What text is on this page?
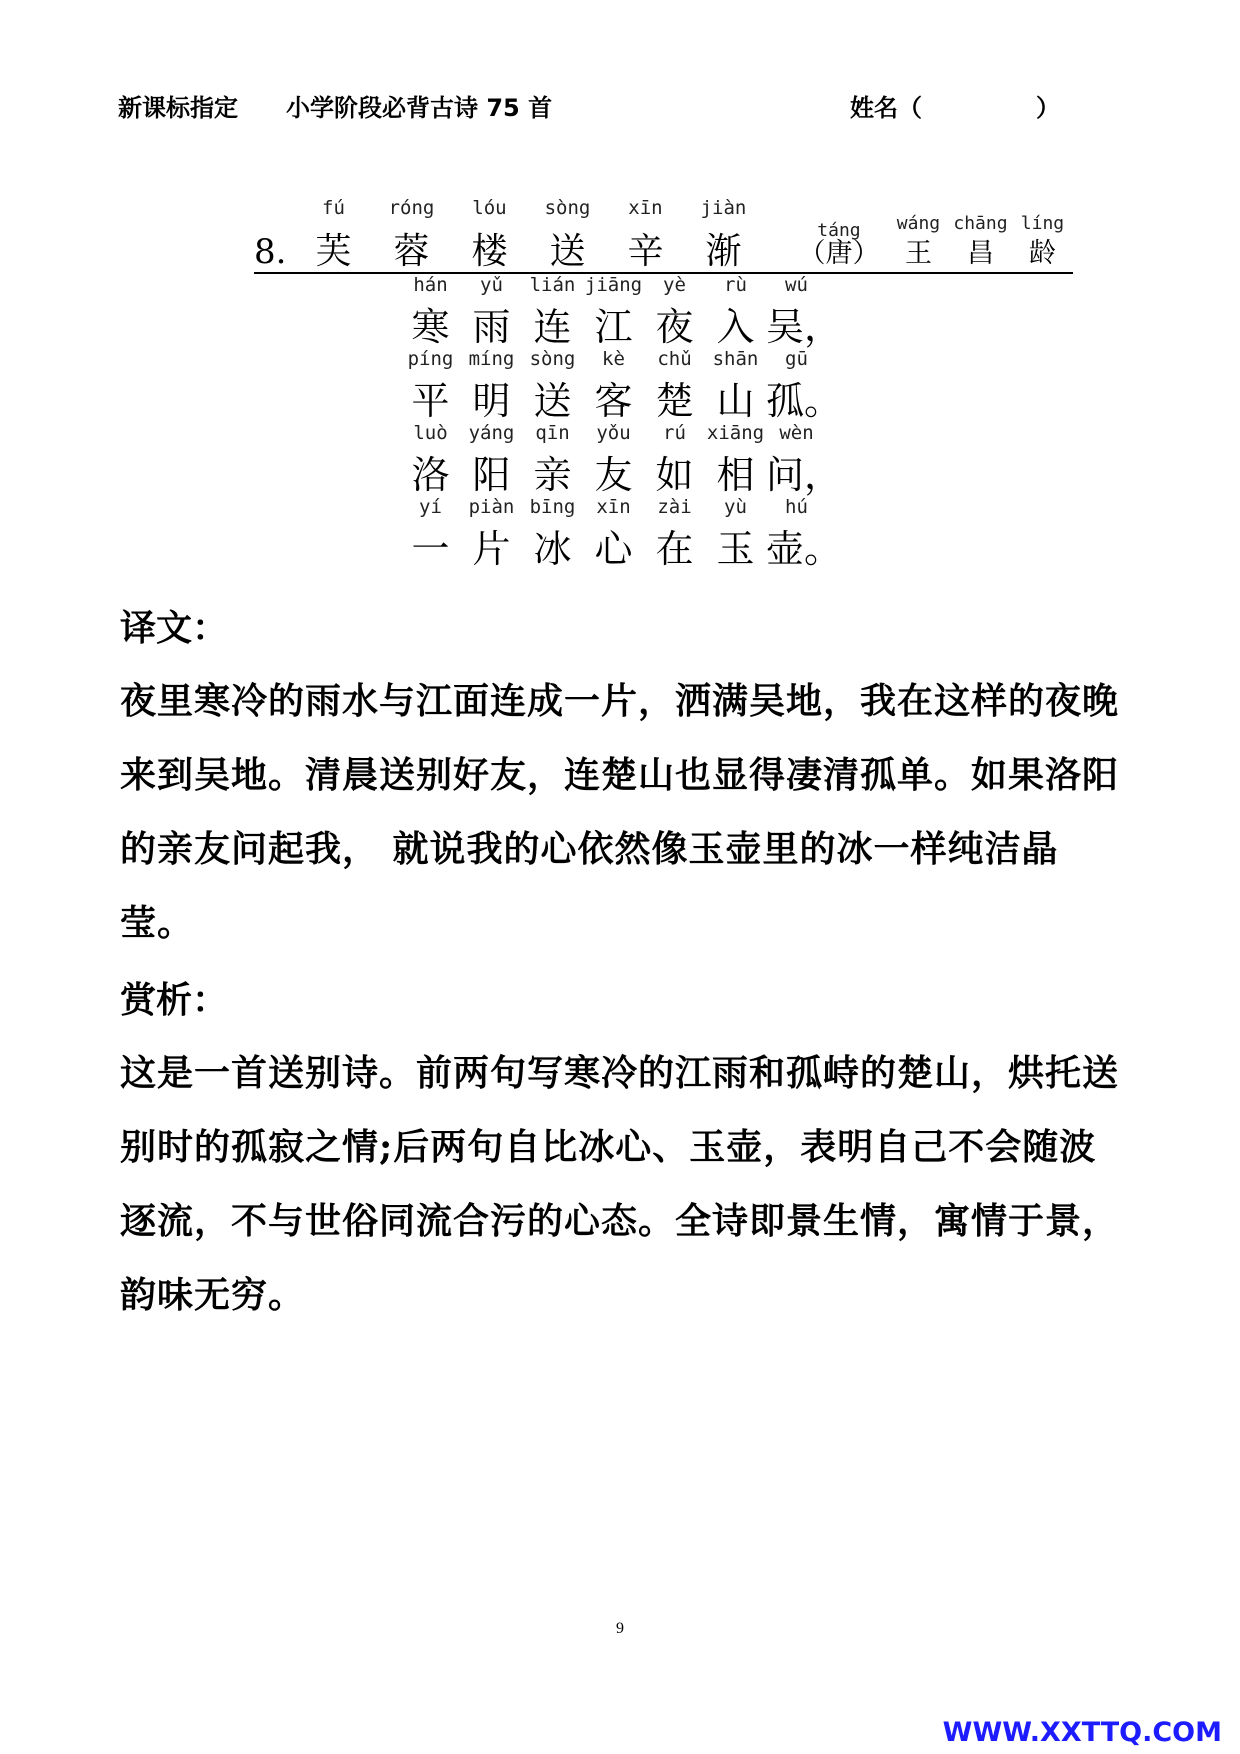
新课标指定　　小学阶段必背古诗 75 首	姓名（	）
8.
fú
芙
róng
蓉
lóu
楼
sòng
送
xīn
辛
jiàn
渐
táng
（唐）
wáng
王
chāng
昌
líng
龄
hán
寒
yǔ
雨
lián
连
jiāng
江
yè
夜
rù
入
wú
吴，
píng
平
míng
明
sòng
送
kè
客
chǔ
楚
shān
山
gū
孤。
luò
洛
yáng
阳
qīn
亲
yǒu
友
rú
如
xiāng
相
wèn
问，
yí
一
piàn
片
bīng
冰
xīn
心
zài
在
yù
玉
hú
壶。
译文：
夜里寒冷的雨水与江面连成一片，洒满吴地，我在这样的夜晚来到吴地。清晨送别好友，连楚山也显得凄清孤单。如果洛阳的亲友问起我， 就说我的心依然像玉壶里的冰一样纯洁晶莹。
赏析：
这是一首送别诗。前两句写寒冷的江雨和孤峙的楚山，烘托送别时的孤寂之情;后两句自比冰心、玉壶，表明自己不会随波逐流，不与世俗同流合污的心态。全诗即景生情，寓情于景，韵味无穷。
9
WWW.XXTTQ.COM
